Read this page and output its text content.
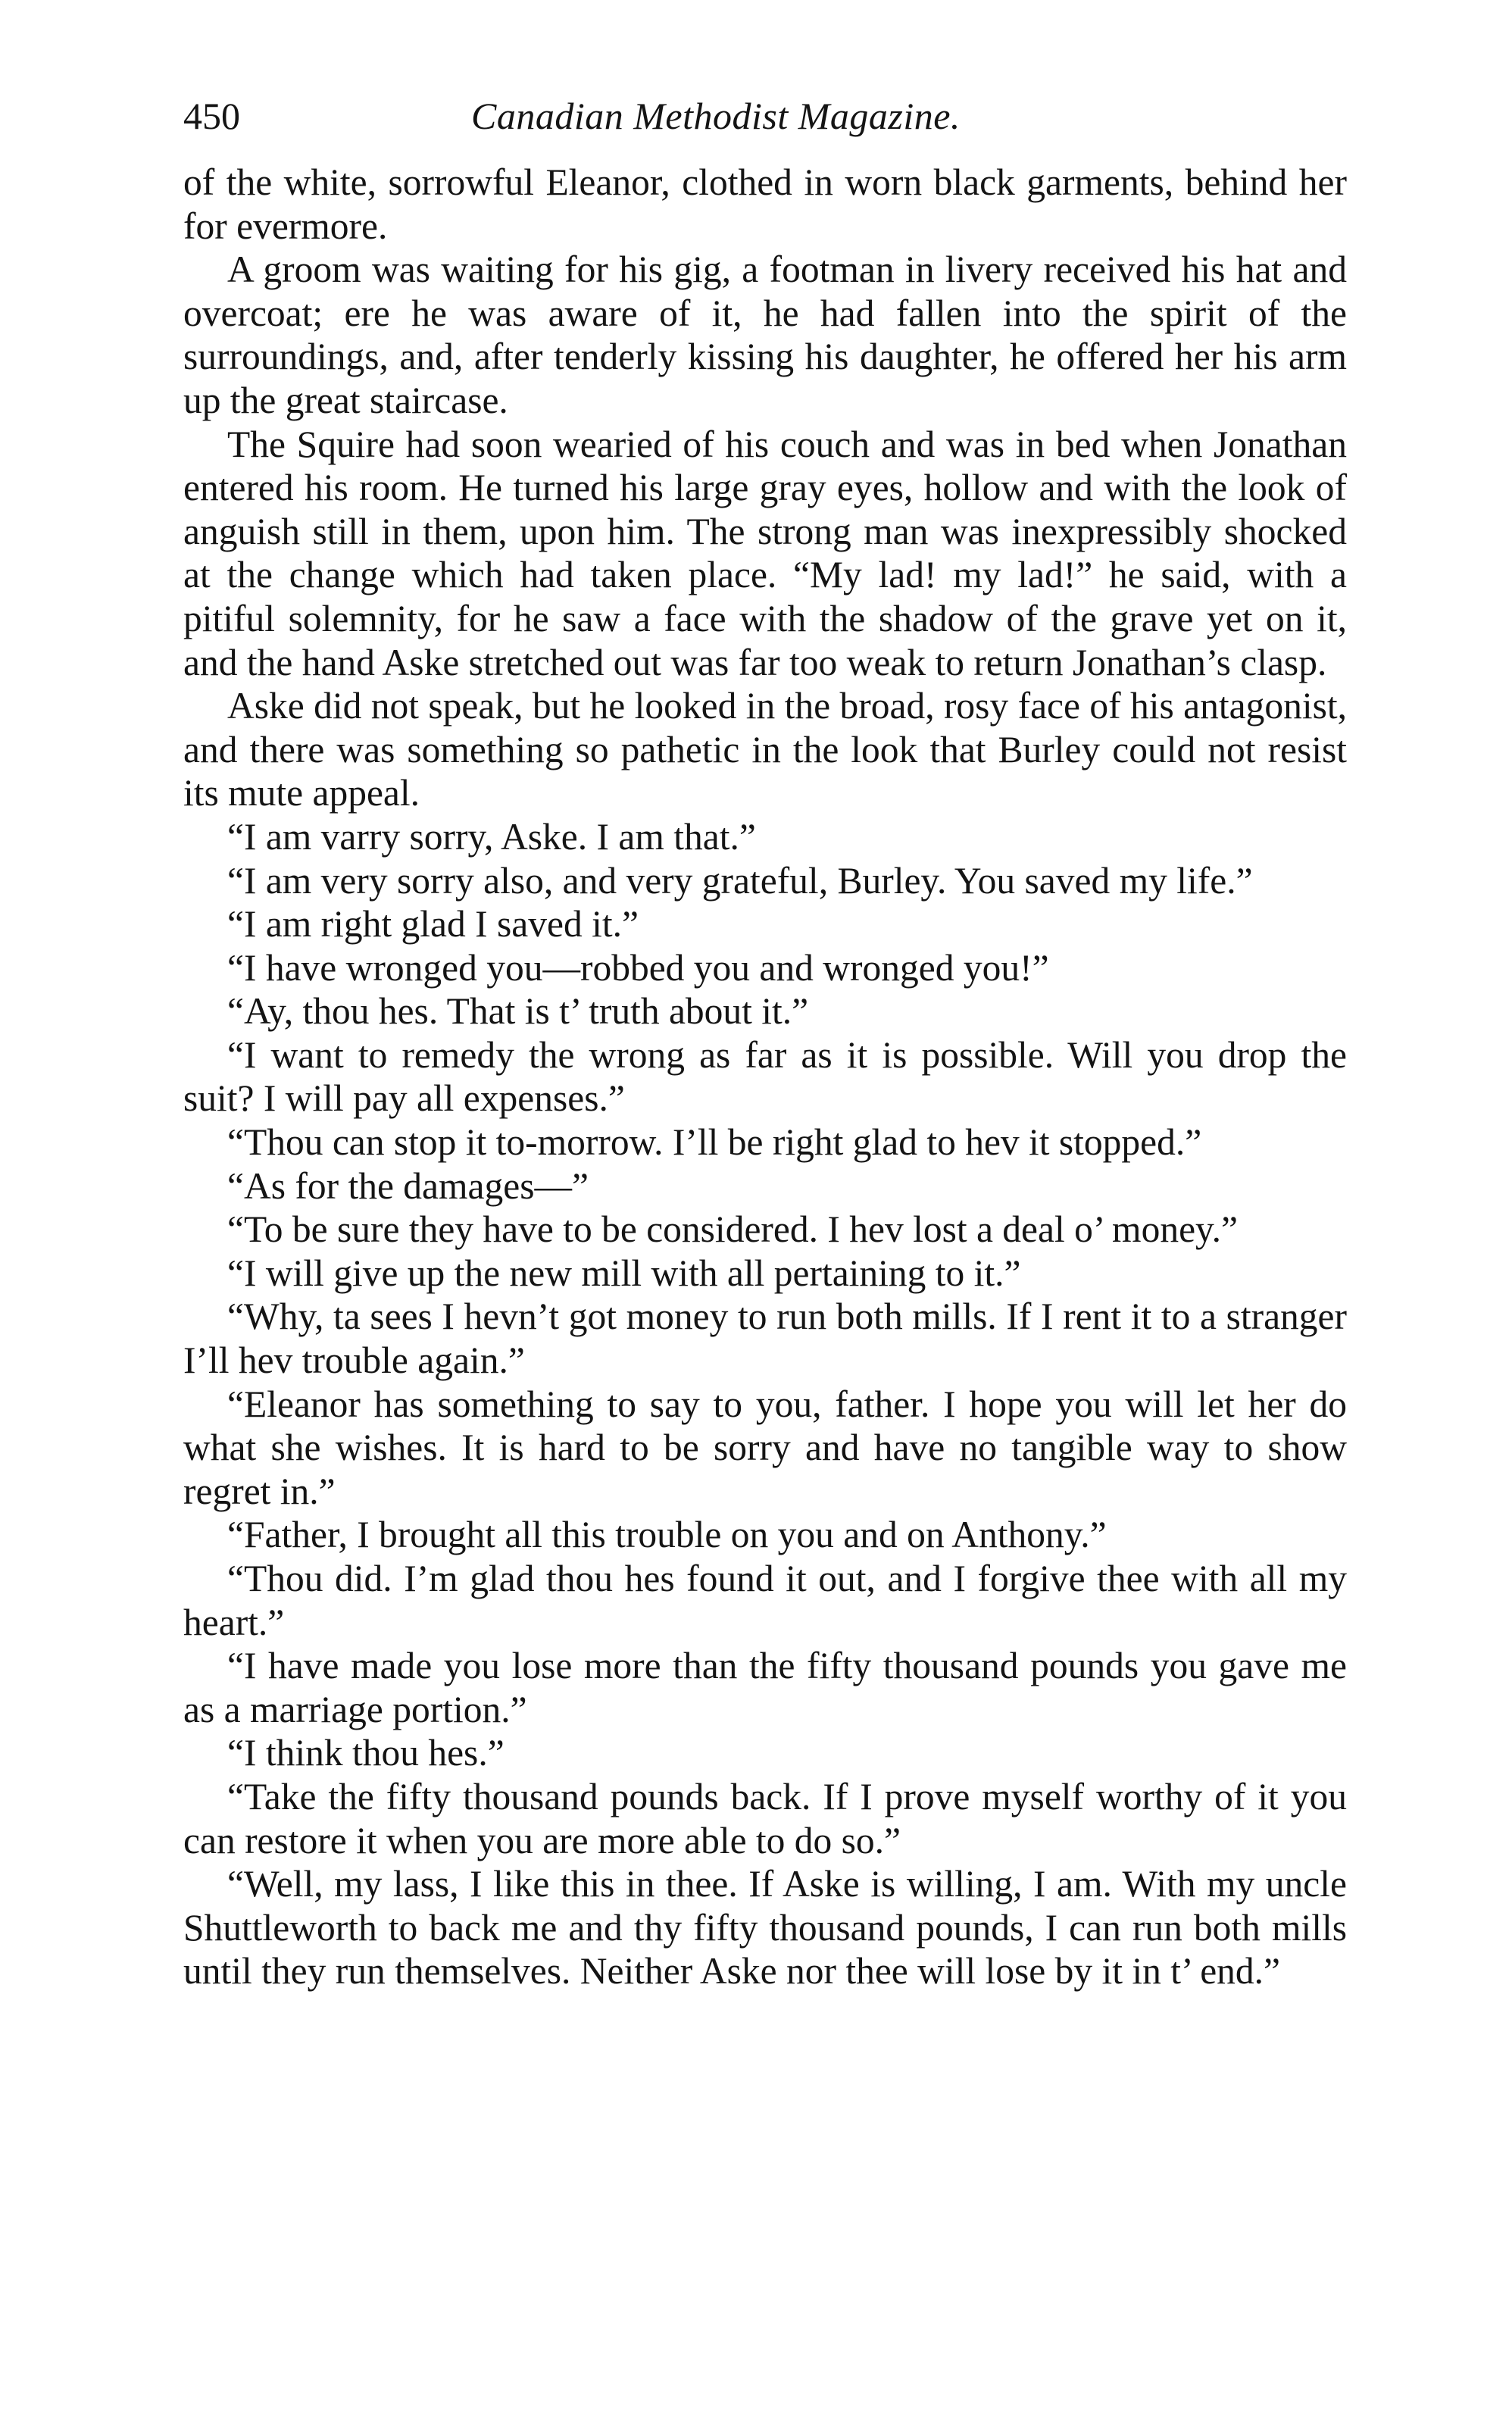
450	Canadian Methodist Magazine.

of the white, sorrowful Eleanor, clothed in worn black garments, behind her for evermore.

A groom was waiting for his gig, a footman in livery received his hat and overcoat; ere he was aware of it, he had fallen into the spirit of the surroundings, and, after tenderly kissing his daughter, he offered her his arm up the great staircase.

The Squire had soon wearied of his couch and was in bed when Jonathan entered his room. He turned his large gray eyes, hollow and with the look of anguish still in them, upon him. The strong man was inexpressibly shocked at the change which had taken place. “My lad! my lad!” he said, with a pitiful solemnity, for he saw a face with the shadow of the grave yet on it, and the hand Aske stretched out was far too weak to return Jonathan’s clasp.

Aske did not speak, but he looked in the broad, rosy face of his antagonist, and there was something so pathetic in the look that Burley could not resist its mute appeal.

“I am varry sorry, Aske. I am that.”

“I am very sorry also, and very grateful, Burley. You saved my life.”

“I am right glad I saved it.”

“I have wronged you—robbed you and wronged you!”

“Ay, thou hes. That is t’ truth about it.”

“I want to remedy the wrong as far as it is possible. Will you drop the suit? I will pay all expenses.”

“Thou can stop it to-morrow. I’ll be right glad to hev it stopped.”

“As for the damages—”

“To be sure they have to be considered. I hev lost a deal o’ money.”

“I will give up the new mill with all pertaining to it.”

“Why, ta sees I hevn’t got money to run both mills. If I rent it to a stranger I’ll hev trouble again.”

“Eleanor has something to say to you, father. I hope you will let her do what she wishes. It is hard to be sorry and have no tangible way to show regret in.”

“Father, I brought all this trouble on you and on Anthony.”

“Thou did. I’m glad thou hes found it out, and I forgive thee with all my heart.”

“I have made you lose more than the fifty thousand pounds you gave me as a marriage portion.”

“I think thou hes.”

“Take the fifty thousand pounds back. If I prove myself worthy of it you can restore it when you are more able to do so.”

“Well, my lass, I like this in thee. If Aske is willing, I am. With my uncle Shuttleworth to back me and thy fifty thousand pounds, I can run both mills until they run themselves. Neither Aske nor thee will lose by it in t’ end.”
